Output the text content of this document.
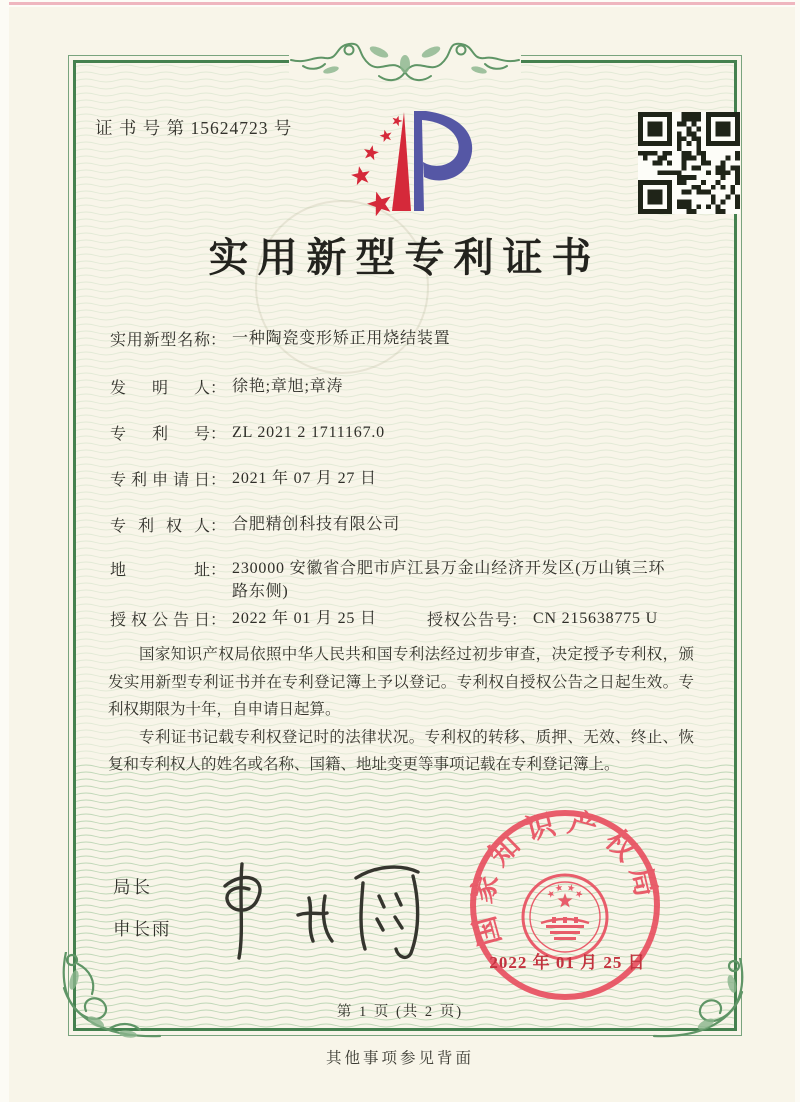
证 书 号 第 15624723 号
实用新型专利证书
实用新型名称： 一种陶瓷变形矫正用烧结装置
发明人： 徐艳;章旭;章涛
专利号： ZL 2021 2 1711167.0
专利申请日： 2021 年 07 月 27 日
专利权人： 合肥精创科技有限公司
地址： 230000 安徽省合肥市庐江县万金山经济开发区(万山镇三环路东侧)
授权公告日： 2022 年 01 月 25 日	授权公告号： CN 215638775 U

国家知识产权局依照中华人民共和国专利法经过初步审查，决定授予专利权，颁发实用新型专利证书并在专利登记簿上予以登记。专利权自授权公告之日起生效。专利权期限为十年，自申请日起算。

专利证书记载专利权登记时的法律状况。专利权的转移、质押、无效、终止、恢复和专利权人的姓名或名称、国籍、地址变更等事项记载在专利登记簿上。

局长
申长雨	国家知识产权局
2022 年 01 月 25 日
第 1 页 (共 2 页)
其他事项参见背面
